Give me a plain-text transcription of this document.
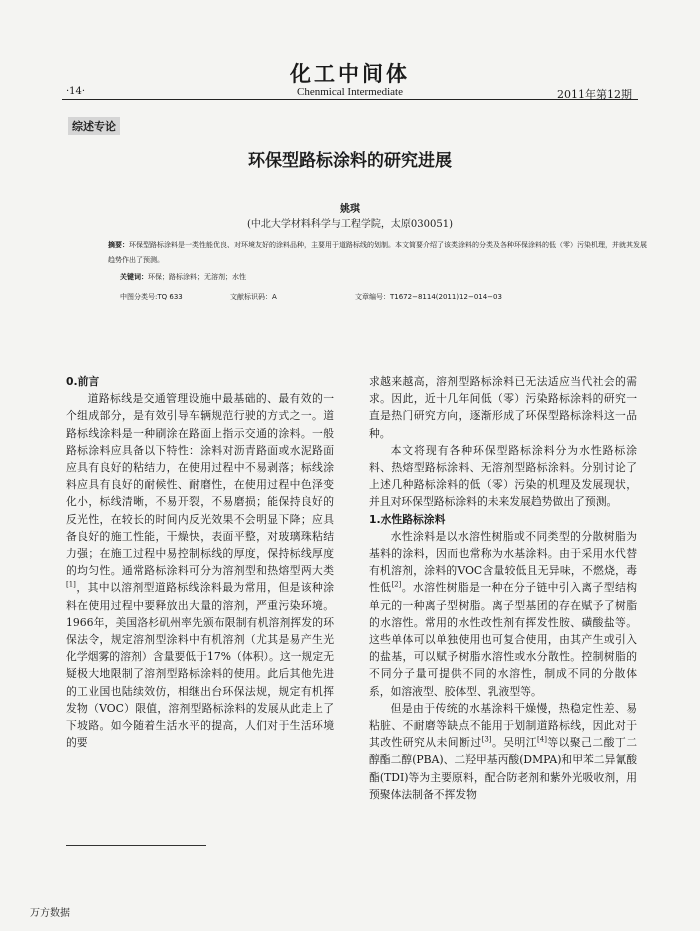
化工中间体
·14·	Chenmical Intermediate	2011年第12期
综述专论
环保型路标涂料的研究进展
姚琪
(中北大学材料科学与工程学院，太原030051)
摘要：环保型路标涂料是一类性能优良、对环境友好的涂料品种，主要用于道路标线的划制。本文简要介绍了该类涂料的分类及各种环保涂料的低（零）污染机理，并就其发展趋势作出了预测。
关键词：环保；路标涂料；无溶剂；水性
中图分类号:TQ 633	文献标识码：A	文章编号：T1672−8114(2011)12−014−03
0.前言

道路标线是交通管理设施中最基础的、最有效的一个组成部分，是有效引导车辆规范行驶的方式之一。道路标线涂料是一种刷涂在路面上指示交通的涂料。一般路标涂料应具备以下特性：涂料对沥青路面或水泥路面应具有良好的粘结力，在使用过程中不易剥落；标线涂料应具有良好的耐候性、耐磨性，在使用过程中色泽变化小，标线清晰，不易开裂，不易磨损；能保持良好的反光性，在较长的时间内反光效果不会明显下降；应具备良好的施工性能，干燥快，表面平整，对玻璃珠粘结力强；在施工过程中易控制标线的厚度，保持标线厚度的均匀性。通常路标涂料可分为溶剂型和热熔型两大类[1]，其中以溶剂型道路标线涂料最为常用，但是该种涂料在使用过程中要释放出大量的溶剂，严重污染环境。1966年，美国洛杉矶州率先颁布限制有机溶剂挥发的环保法令，规定溶剂型涂料中有机溶剂（尤其是易产生光化学烟雾的溶剂）含量要低于17%（体积）。这一规定无疑极大地限制了溶剂型路标涂料的使用。此后其他先进的工业国也陆续效仿，相继出台环保法规，规定有机挥发物（VOC）限值，溶剂型路标涂料的发展从此走上了下坡路。如今随着生活水平的提高，人们对于生活环境的要

求越来越高，溶剂型路标涂料已无法适应当代社会的需求。因此，近十几年间低（零）污染路标涂料的研究一直是热门研究方向，逐渐形成了环保型路标涂料这一品种。

本文将现有各种环保型路标涂料分为水性路标涂料、热熔型路标涂料、无溶剂型路标涂料。分别讨论了上述几种路标涂料的低（零）污染的机理及发展现状，并且对环保型路标涂料的未来发展趋势做出了预测。

1.水性路标涂料

水性涂料是以水溶性树脂或不同类型的分散树脂为基料的涂料，因而也常称为水基涂料。由于采用水代替有机溶剂，涂料的VOC含量较低且无异味，不燃烧，毒性低[2]。水溶性树脂是一种在分子链中引入离子型结构单元的一种离子型树脂。离子型基团的存在赋予了树脂的水溶性。常用的水性改性剂有挥发性胺、磺酸盐等。这些单体可以单独使用也可复合使用，由其产生或引入的盐基，可以赋予树脂水溶性或水分散性。控制树脂的不同分子量可提供不同的水溶性，制成不同的分散体系，如溶液型、胶体型、乳液型等。

但是由于传统的水基涂料干燥慢，热稳定性差、易粘脏、不耐磨等缺点不能用于划制道路标线，因此对于其改性研究从未间断过[3]。吴明江[4]等以聚己二酸丁二醇酯二醇(PBA)、二羟甲基丙酸(DMPA)和甲苯二异氰酸酯(TDI)等为主要原料，配合防老剂和紫外光吸收剂，用预聚体法制备不挥发物

万方数据
